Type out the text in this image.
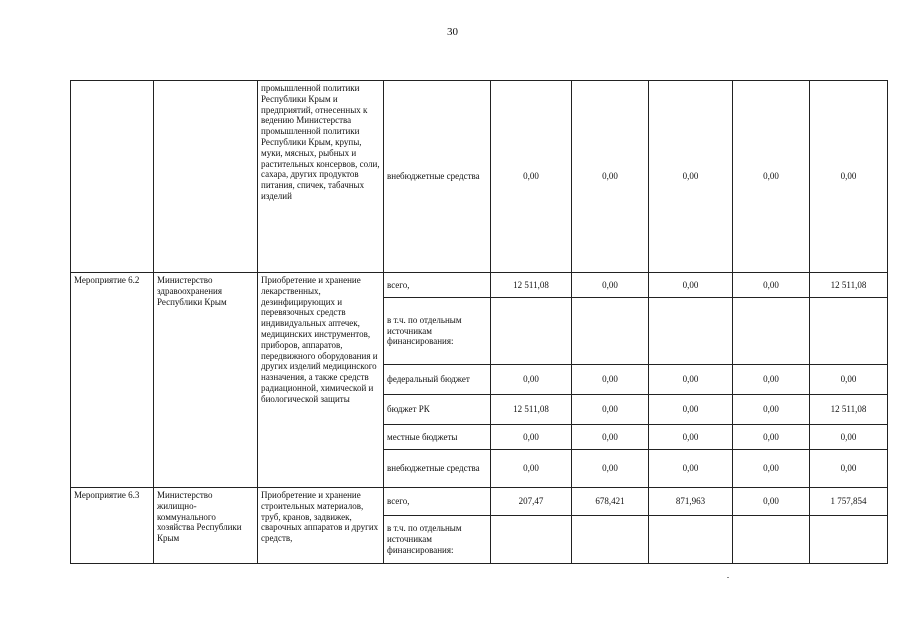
30
		промышленной политики Республики Крым и предприятий, отнесенных к ведению Министерства промышленной политики Республики Крым, крупы, муки, мясных, рыбных и растительных консервов, соли, сахара, других продуктов питания, спичек, табачных изделий	внебюджетные средства	0,00	0,00	0,00	0,00	0,00
Мероприятие 6.2	Министерство здравоохранения Республики Крым	Приобретение и хранение лекарственных, дезинфицирующих и перевязочных средств индивидуальных аптечек, медицинских инструментов, приборов, аппаратов, передвижного оборудования и других изделий медицинского назначения, а также средств радиационной, химической и биологической защиты	всего,	12 511,08	0,00	0,00	0,00	12 511,08
			в т.ч. по отдельным источникам финансирования:					
			федеральный бюджет	0,00	0,00	0,00	0,00	0,00
			бюджет РК	12 511,08	0,00	0,00	0,00	12 511,08
			местные бюджеты	0,00	0,00	0,00	0,00	0,00
			внебюджетные средства	0,00	0,00	0,00	0,00	0,00
Мероприятие 6.3	Министерство жилищно-коммунального хозяйства Республики Крым	Приобретение и хранение строительных материалов, труб, кранов, задвижек, сварочных аппаратов и других средств,	всего,	207,47	678,421	871,963	0,00	1 757,854
			в т.ч. по отдельным источникам финансирования:					
